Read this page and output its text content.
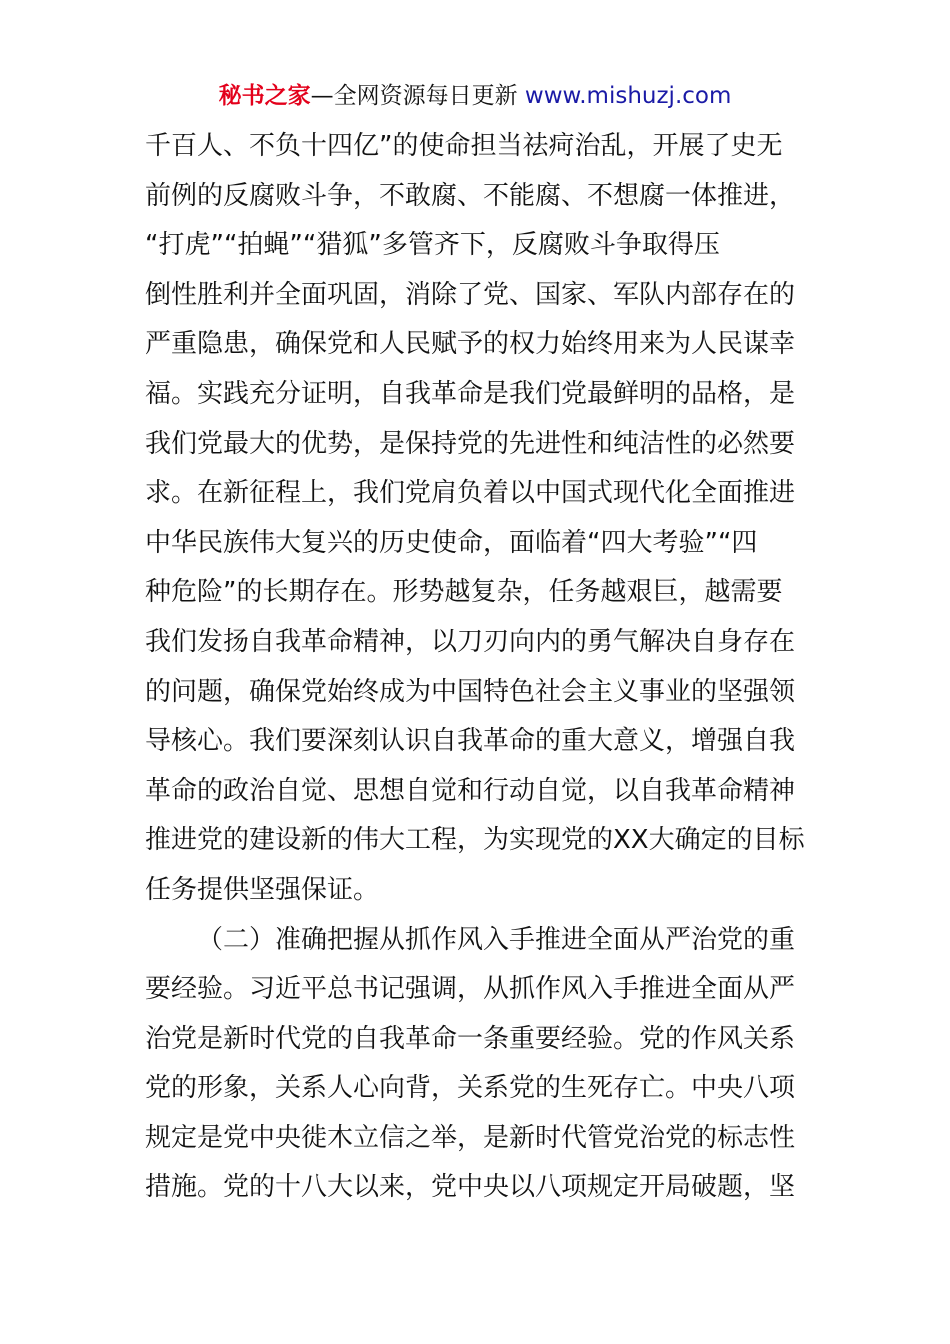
秘书之家—全网资源每日更新 www.mishuzj.com
千百人、不负十四亿”的使命担当祛疴治乱，开展了史无
前例的反腐败斗争，不敢腐、不能腐、不想腐一体推进，
“打虎”“拍蝇”“猎狐”多管齐下，反腐败斗争取得压
倒性胜利并全面巩固，消除了党、国家、军队内部存在的
严重隐患，确保党和人民赋予的权力始终用来为人民谋幸
福。实践充分证明，自我革命是我们党最鲜明的品格，是
我们党最大的优势，是保持党的先进性和纯洁性的必然要
求。在新征程上，我们党肩负着以中国式现代化全面推进
中华民族伟大复兴的历史使命，面临着“四大考验”“四
种危险”的长期存在。形势越复杂，任务越艰巨，越需要
我们发扬自我革命精神，以刀刃向内的勇气解决自身存在
的问题，确保党始终成为中国特色社会主义事业的坚强领
导核心。我们要深刻认识自我革命的重大意义，增强自我
革命的政治自觉、思想自觉和行动自觉，以自我革命精神
推进党的建设新的伟大工程，为实现党的XX大确定的目标
任务提供坚强保证。
（二）准确把握从抓作风入手推进全面从严治党的重
要经验。习近平总书记强调，从抓作风入手推进全面从严
治党是新时代党的自我革命一条重要经验。党的作风关系
党的形象，关系人心向背，关系党的生死存亡。中央八项
规定是党中央徙木立信之举，是新时代管党治党的标志性
措施。党的十八大以来，党中央以八项规定开局破题，坚
